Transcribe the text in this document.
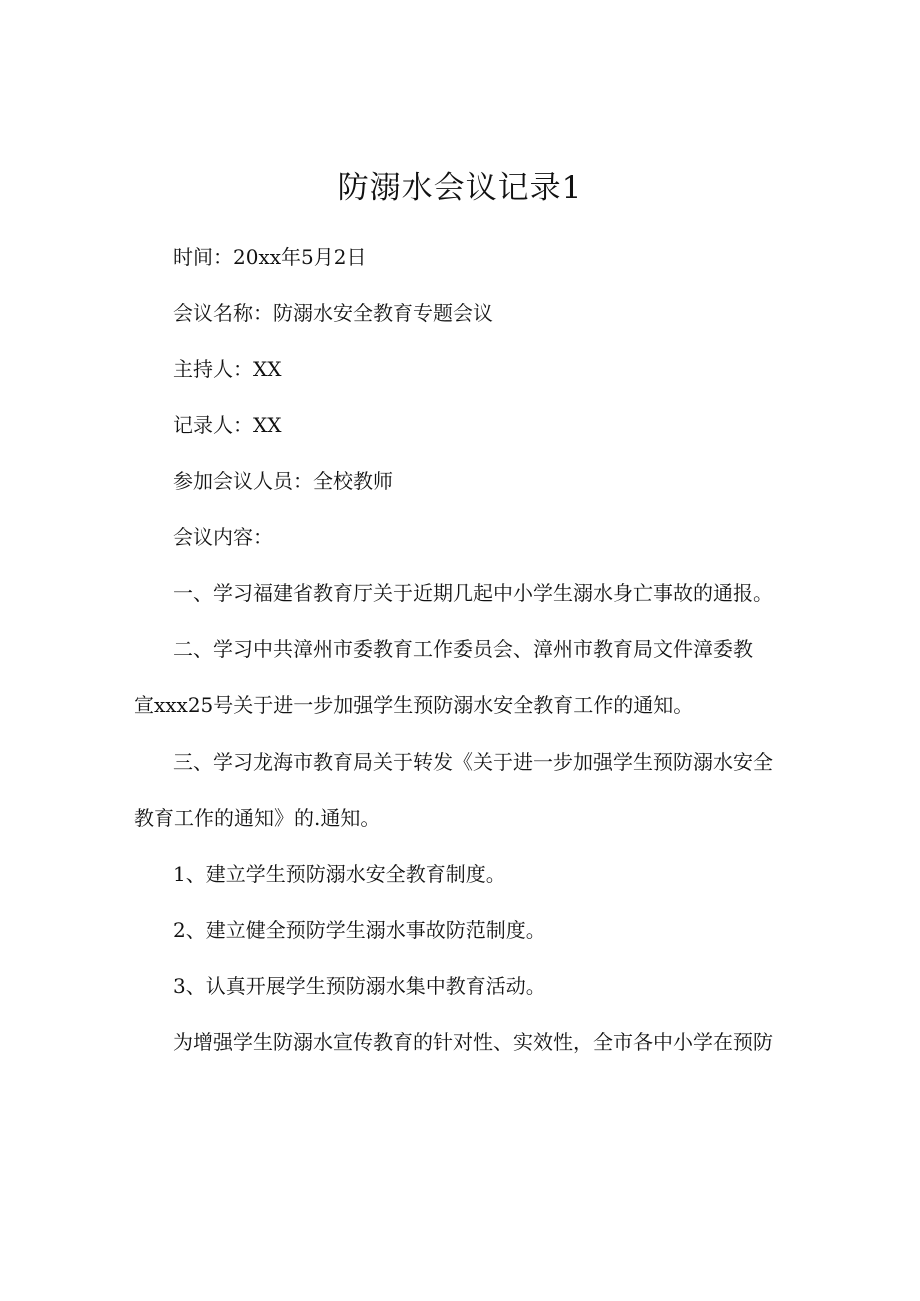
防溺水会议记录1
时间：20xx年5月2日
会议名称：防溺水安全教育专题会议
主持人：XX
记录人：XX
参加会议人员：全校教师
会议内容：
一、学习福建省教育厅关于近期几起中小学生溺水身亡事故的通报。
二、学习中共漳州市委教育工作委员会、漳州市教育局文件漳委教
宣xxx25号关于进一步加强学生预防溺水安全教育工作的通知。
三、学习龙海市教育局关于转发《关于进一步加强学生预防溺水安全
教育工作的通知》的.通知。
1、建立学生预防溺水安全教育制度。
2、建立健全预防学生溺水事故防范制度。
3、认真开展学生预防溺水集中教育活动。
为增强学生防溺水宣传教育的针对性、实效性，全市各中小学在预防
